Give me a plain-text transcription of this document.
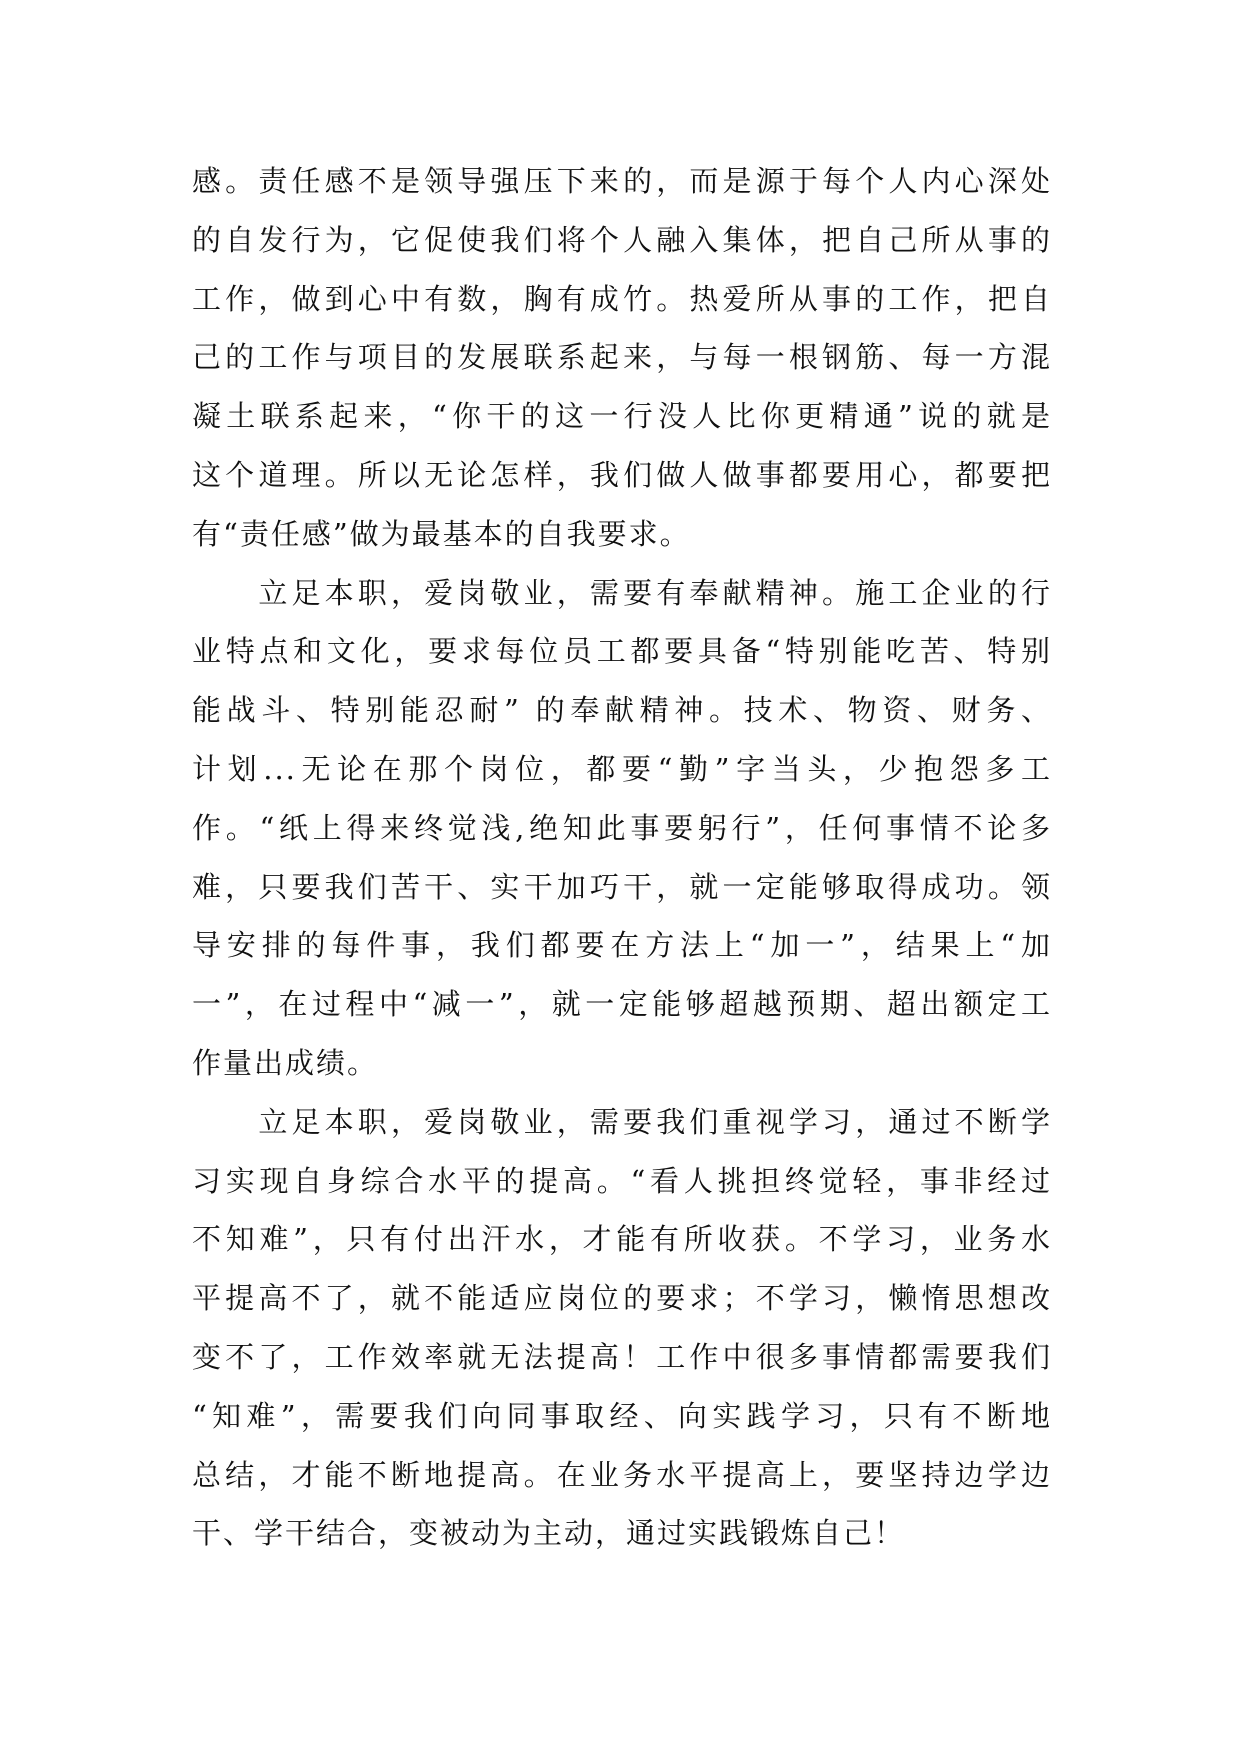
感。责任感不是领导强压下来的，而是源于每个人内心深处
的自发行为，它促使我们将个人融入集体，把自己所从事的
工作，做到心中有数，胸有成竹。热爱所从事的工作，把自
己的工作与项目的发展联系起来，与每一根钢筋、每一方混
凝土联系起来，“你干的这一行没人比你更精通”说的就是
这个道理。所以无论怎样，我们做人做事都要用心，都要把
有“责任感”做为最基本的自我要求。
　　立足本职，爱岗敬业，需要有奉献精神。施工企业的行
业特点和文化，要求每位员工都要具备“特别能吃苦、特别
能战斗、特别能忍耐” 的奉献精神。技术、物资、财务、
计划...无论在那个岗位，都要“勤”字当头，少抱怨多工
作。“纸上得来终觉浅,绝知此事要躬行”，任何事情不论多
难，只要我们苦干、实干加巧干，就一定能够取得成功。领
导安排的每件事，我们都要在方法上“加一”，结果上“加
一”，在过程中“减一”，就一定能够超越预期、超出额定工
作量出成绩。
　　立足本职，爱岗敬业，需要我们重视学习，通过不断学
习实现自身综合水平的提高。“看人挑担终觉轻，事非经过
不知难”，只有付出汗水，才能有所收获。不学习，业务水
平提高不了，就不能适应岗位的要求；不学习，懒惰思想改
变不了，工作效率就无法提高！工作中很多事情都需要我们
“知难”，需要我们向同事取经、向实践学习，只有不断地
总结，才能不断地提高。在业务水平提高上，要坚持边学边
干、学干结合，变被动为主动，通过实践锻炼自己！
